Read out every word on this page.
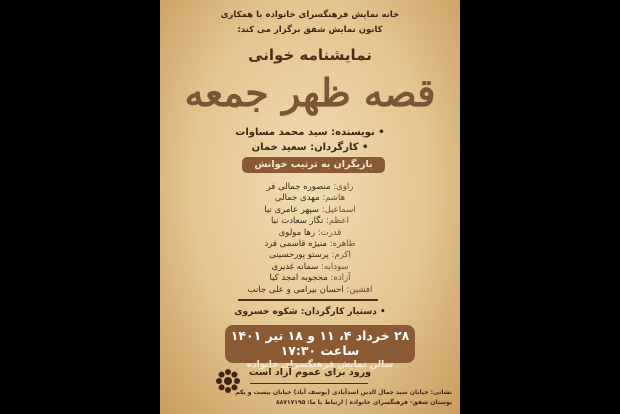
خانه نمایش فرهنگسرای خانواده با همکاری
کانون نمایش شفق برگزار می کند:
نمایشنامه خوانی
قصه ظهر جمعه
• نویسنده: سید محمد مساوات
• کارگردان: سعید خمان
بازیگران به ترتیب خوانش
راوی: منصوره جمالی فر
هاشم: مهدی جمالی
اسماعیل: سپهر عامری نیا
اعظم: نگار سعادت نیا
قدرت: رها مولوی
طاهره: منیژه قاسمی فرد
اکرم: پرستو پورحسینی
سودابه: سمانه غدیری
آزاده: محجوبه امجد کیا
افشین: احسان بیرامی و علی جانب
• دستیار کارگردان: شکوه خسروی
۲۸ خرداد ۴، ۱۱ و ۱۸ تیر ۱۴۰۱ ساعت ۱۷:۳۰
سالن نمایش فرهنگسرای خانواده
ورود برای عموم آزاد است
نشانی: خیابان سید جمال الدین اسدآبادی (یوسف آباد) خیابان بیست و یکم
بوستان شفق- فرهنگسرای خانواده | ارتباط با ما: ۸۸۷۱۷۱۹۵
